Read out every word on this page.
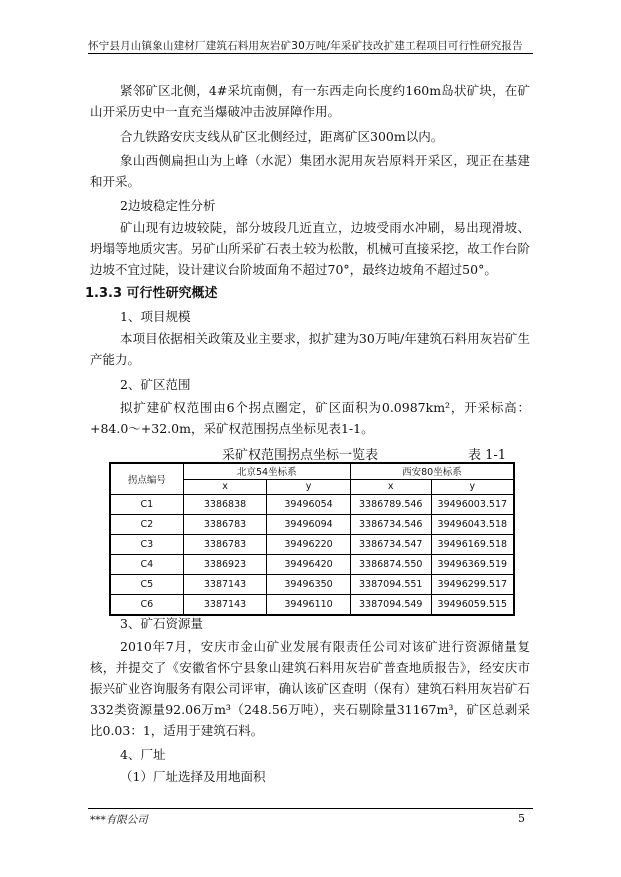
怀宁县月山镇象山建材厂建筑石料用灰岩矿30万吨/年采矿技改扩建工程项目可行性研究报告
紧邻矿区北侧，4#采坑南侧，有一东西走向长度约160m岛状矿块，在矿山开采历史中一直充当爆破冲击波屏障作用。
合九铁路安庆支线从矿区北侧经过，距离矿区300m以内。
象山西侧扁担山为上峰（水泥）集团水泥用灰岩原料开采区，现正在基建和开采。
2边坡稳定性分析
矿山现有边坡较陡，部分坡段几近直立，边坡受雨水冲刷，易出现滑坡、坍塌等地质灾害。另矿山所采矿石表土较为松散，机械可直接采挖，故工作台阶边坡不宜过陡，设计建议台阶坡面角不超过70°，最终边坡角不超过50°。
1.3.3 可行性研究概述
1、项目规模
本项目依据相关政策及业主要求，拟扩建为30万吨/年建筑石料用灰岩矿生产能力。
2、矿区范围
拟扩建矿权范围由6个拐点圈定，矿区面积为0.0987km²，开采标高：+84.0～+32.0m，采矿权范围拐点坐标见表1-1。
采矿权范围拐点坐标一览表	表 1-1
拐点编号	北京54坐标系		西安80坐标系	
	x	y	x	y
C1	3386838	39496054	3386789.546	39496003.517
C2	3386783	39496094	3386734.546	39496043.518
C3	3386783	39496220	3386734.547	39496169.518
C4	3386923	39496420	3386874.550	39496369.519
C5	3387143	39496350	3387094.551	39496299.517
C6	3387143	39496110	3387094.549	39496059.515
3、矿石资源量
2010年7月，安庆市金山矿业发展有限责任公司对该矿进行资源储量复核，并提交了《安徽省怀宁县象山建筑石料用灰岩矿普查地质报告》，经安庆市振兴矿业咨询服务有限公司评审，确认该矿区查明（保有）建筑石料用灰岩矿石332类资源量92.06万m³（248.56万吨），夹石剔除量31167m³，矿区总剥采比0.03：1，适用于建筑石料。
4、厂址
（1）厂址选择及用地面积
***有限公司	5
